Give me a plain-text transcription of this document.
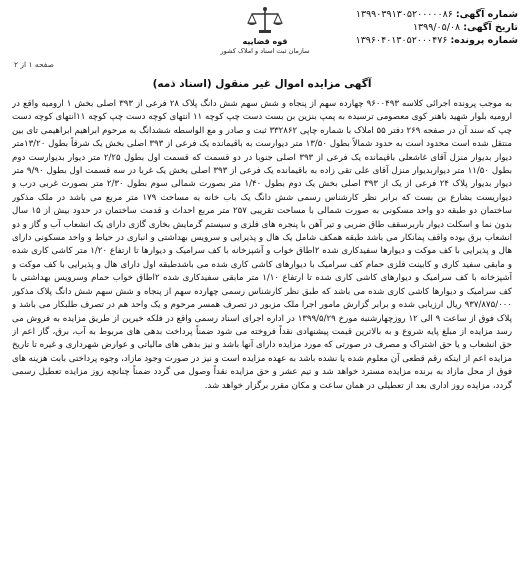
شماره آگهی: ۱۳۹۹۰۳۹۱۳۰۵۲۰۰۰۰۰۸۶
تاریخ آگهی: ۱۳۹۹/۰۵/۰۸
شماره پرونده: ۱۳۹۶۰۴۰۱۳۰۵۲۰۰۰۴۷۶
قوه قضاییه
سازمان ثبت اسناد و املاک کشور
صفحه ۱ از ۲
آگهی مزایده اموال غیر منقول (اسناد ذمه)
به موجب پرونده اجرائی کلاسه ۹۶۰۰۴۹۳ چهارده سهم از پنجاه و شش سهم شش دانگ پلاک ۲۸ فرعی از ۳۹۳ اصلی بخش ۱ ارومیه واقع در ارومیه بلوار شهید باهنر کوی معصومی ترسیده به پمپ بنزین بن بست دست چپ کوچه ۱۱ انتهای کوچه دست چپ کوچه ۱۱انتهای کوچه دست چپ که سند آن در صفحه ۲۶۹ دفتر ۵۵ املاک با شماره چاپی ۳۳۲۸۶۲ ثبت و صادر و مع الواسطه ششدانگ به مرحوم ابراهیم ابراهیمی تای بین منتقل شده است محدود است به حدود شمالاً بطول ۱۳/۵۰ متر دیوارست به باقیمانده یک فرعی از ۳۹۳ اصلی بخش یک شرقاً بطول ۱۳/۲۰متر دیوار بدیوار منزل آقای غاشعلی باقیمانده یک فرعی از ۳۹۳ اصلی جنوبا در دو قسمت که قسمت اول بطول ۲/۲۵ متر دیوار بدیوارست دوم بطول ۱۱/۵۰ متر دیواربدیوار منزل آقای علی تقی زاده به باقیمانده یک فرعی از ۳۹۳ اصلی بخش یک غربا در سه قسمت اول بطول ۹/۹۰ متر دیوار بدیوار پلاک ۲۴ فرعی از یک از ۳۹۳ اصلی بخش یک دوم بطول ۱/۴۰ متر بصورت شمالی سوم بطول ۲/۳۰ متر بصورت غربی درب و دیواریست بشارع بن بست که برابر نظر کارشناس رسمی شش دانگ یک باب خانه به مساحت ۱۷۹ متر مربع می باشد در ملک مذکور ساختمان دو طبقه دو واحد مسکونی به صورت شمالی با مساحت تقریبی ۲۵۷ متر مربع احداث و قدمت ساختمان در حدود بیش از ۱۵ سال بدون نما و اسکلت دیوار باربرسقف طاق ضربی و تیر آهن با پنجره های فلزی و سیستم گرمایش بخاری گازی دارای یک انشعاب آب و گاز و دو انشعاب برق بوده واقف پمانکار می باشد طبقه همکف شامل یک هال و پذیرایی و سرویس بهداشتی و انباری در حیاط و واحد مسکونی دارای هال و پذیرایی با کف موکت و دیوارها سفیدکاری شده ۲اطاق خواب و آشپزخانه با کف سرامیک و دیوارها تا ارتفاع ۱/۲۰ متر کاشی کاری شده و مابقی سفید کاری و کابینت فلزی حمام کف سرامیک با دیوارهای کاشی کاری شده می باشدطبقه اول دارای هال و پذیرایی با کف موکت و آشپزخانه با کف سرامیک و دیوارهای کاشی کاری شده تا ارتفاع ۱/۱۰ متر مابقی سفیدکاری شده ۲اطاق خواب حمام وسرویس بهداشتی با کف سرامیک و دیوارها کاشی کاری شده می باشد که طبق نظر کارشناس رسمی چهارده سهم از پنجاه و شش سهم شش دانگ پلاک مذکور ۹۳۷/۸۷۵/۰۰۰ ریال ارزیابی شده و برابر گزارش مامور اجرا ملک مزبور در تصرف همسر مرحوم و یک واحد هم در تصرف طلبکار می باشد و پلاک فوق از ساعت ۹ الی ۱۲ روزچهارشنبه مورخ ۱۳۹۹/۵/۲۹ در اداره اجرای اسناد رسمی واقع در فلکه خیرین از طریق مزایده به فروش می رسد مزایده از مبلغ پایه شروع و به بالاترین قیمت پیشنهادی نقداً فروخته می شود ضمناً پرداخت بدهی های مربوط به آب، برق، گاز اعم از حق انشعاب و یا حق اشتراک و مصرف در صورتی که مورد مزایده دارای آنها باشد و نیز بدهی های مالیاتی و عوارض شهرداری و غیره تا تاریخ مزایده اعم از اینکه رقم قطعی آن معلوم شده یا نشده باشد به عهده مزایده است و نیز در صورت وجود مازاد، وجوه پرداختی بابت هزینه های فوق از محل مازاد به برنده مزایده مسترد خواهد شد و تیم عشر و حق مزایده نقداً وصول می گردد ضمناً چنانچه روز مزایده تعطیل رسمی گردد، مزایده روز اداری بعد از تعطیلی در همان ساعت و مکان مقرر برگزار خواهد شد.
